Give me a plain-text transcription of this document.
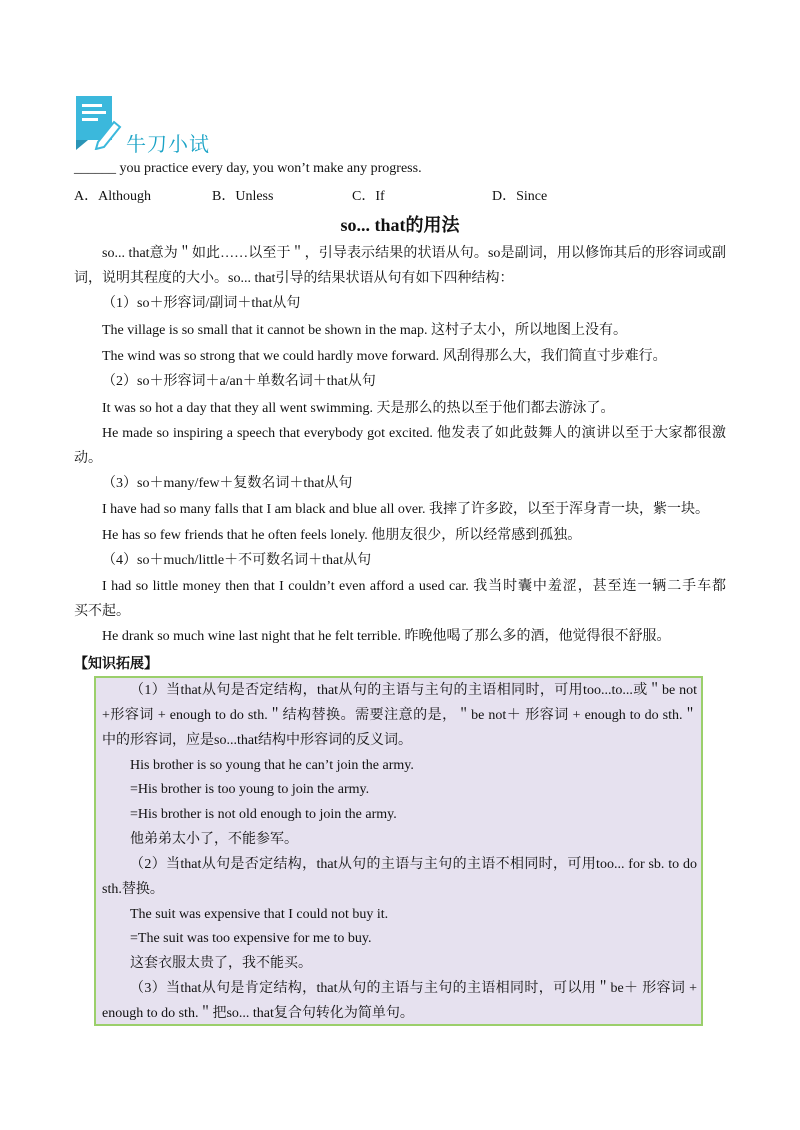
牛刀小试
______ you practice every day, you won’t make any progress.
A．Although	B．Unless	C．If	D．Since
so... that的用法
so... that意为＂如此……以至于＂，引导表示结果的状语从句。so是副词，用以修饰其后的形容词或副
词，说明其程度的大小。so... that引导的结果状语从句有如下四种结构：
（1）so＋形容词/副词＋that从句
The village is so small that it cannot be shown in the map. 这村子太小，所以地图上没有。
The wind was so strong that we could hardly move forward. 风刮得那么大，我们简直寸步难行。
（2）so＋形容词＋a/an＋单数名词＋that从句
It was so hot a day that they all went swimming. 天是那么的热以至于他们都去游泳了。
He made so inspiring a speech that everybody got excited. 他发表了如此鼓舞人的演讲以至于大家都很激
动。
（3）so＋many/few＋复数名词＋that从句
I have had so many falls that I am black and blue all over. 我摔了许多跤，以至于浑身青一块，紫一块。
He has so few friends that he often feels lonely. 他朋友很少，所以经常感到孤独。
（4）so＋much/little＋不可数名词＋that从句
I had so little money then that I couldn’t even afford a used car. 我当时囊中羞涩，甚至连一辆二手车都
买不起。
He drank so much wine last night that he felt terrible. 昨晚他喝了那么多的酒，他觉得很不舒服。
【知识拓展】
（1）当that从句是否定结构，that从句的主语与主句的主语相同时，可用too...to...或＂be not
+形容词 + enough to do sth.＂结构替换。需要注意的是，＂be not＋ 形容词 + enough to do sth.＂
中的形容词，应是so...that结构中形容词的反义词。
His brother is so young that he can’t join the army.
=His brother is too young to join the army.
=His brother is not old enough to join the army.
他弟弟太小了，不能参军。
（2）当that从句是否定结构，that从句的主语与主句的主语不相同时，可用too... for sb. to do
sth.替换。
The suit was expensive that I could not buy it.
=The suit was too expensive for me to buy.
这套衣服太贵了，我不能买。
（3）当that从句是肯定结构，that从句的主语与主句的主语相同时，可以用＂be＋ 形容词 +
enough to do sth.＂把so... that复合句转化为简单句。
